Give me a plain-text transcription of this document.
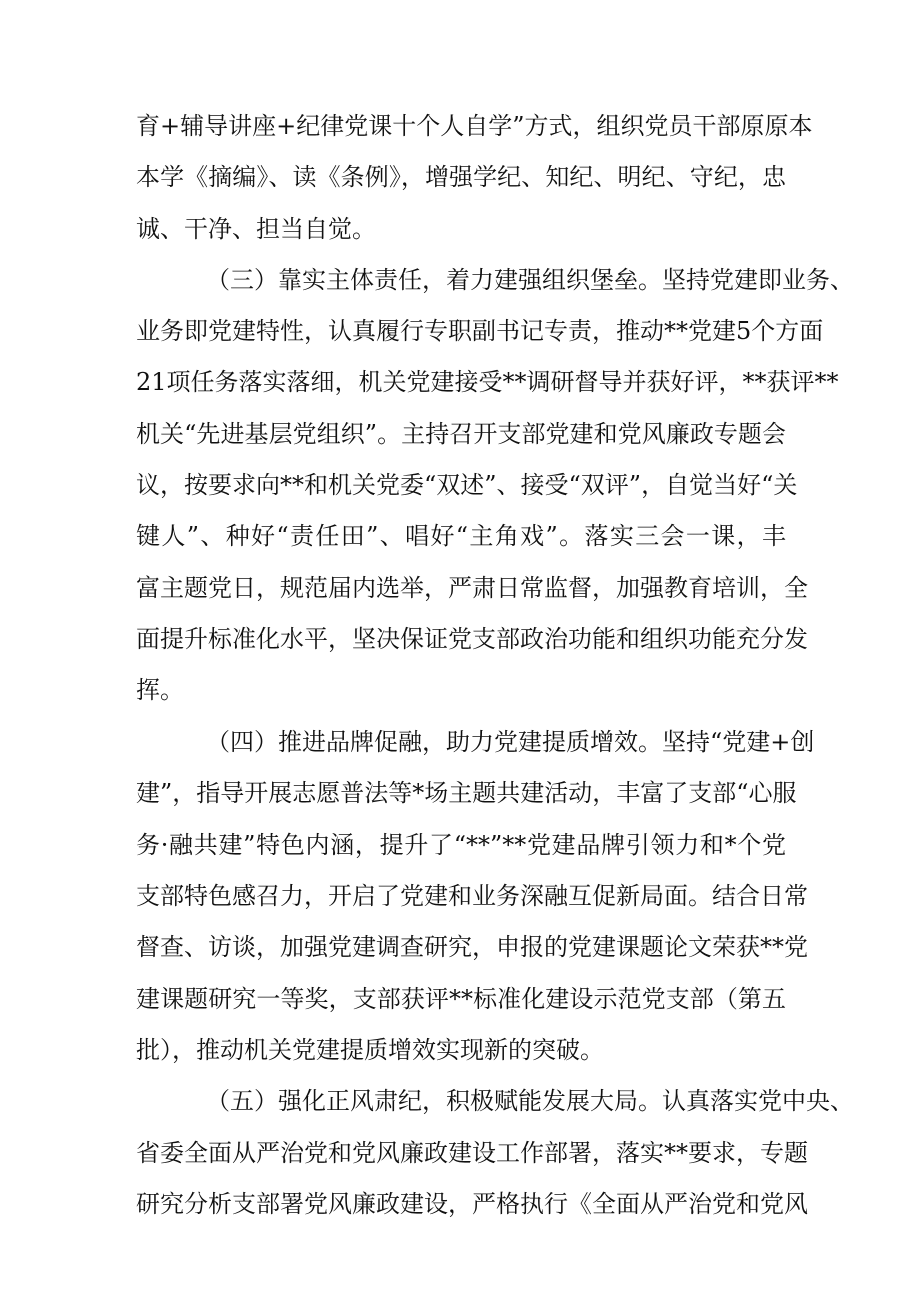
育+辅导讲座+纪律党课十个人自学”方式，组织党员干部原原本
本学《摘编》、读《条例》，增强学纪、知纪、明纪、守纪，忠
诚、干净、担当自觉。
（三）靠实主体责任，着力建强组织堡垒。坚持党建即业务、
业务即党建特性，认真履行专职副书记专责，推动**党建5个方面
21项任务落实落细，机关党建接受**调研督导并获好评，**获评**
机关“先进基层党组织”。主持召开支部党建和党风廉政专题会
议，按要求向**和机关党委“双述”、接受“双评”，自觉当好“关
键人”、种好“责任田”、唱好“主角戏”。落实三会一课，丰
富主题党日，规范届内选举，严肃日常监督，加强教育培训，全
面提升标准化水平，坚决保证党支部政治功能和组织功能充分发
挥。
（四）推进品牌促融，助力党建提质增效。坚持“党建+创
建”，指导开展志愿普法等*场主题共建活动，丰富了支部“心服
务·融共建”特色内涵，提升了“**”**党建品牌引领力和*个党
支部特色感召力，开启了党建和业务深融互促新局面。结合日常
督查、访谈，加强党建调查研究，申报的党建课题论文荣获**党
建课题研究一等奖，支部获评**标准化建设示范党支部（第五
批），推动机关党建提质增效实现新的突破。
（五）强化正风肃纪，积极赋能发展大局。认真落实党中央、
省委全面从严治党和党风廉政建设工作部署，落实**要求，专题
研究分析支部署党风廉政建设，严格执行《全面从严治党和党风
